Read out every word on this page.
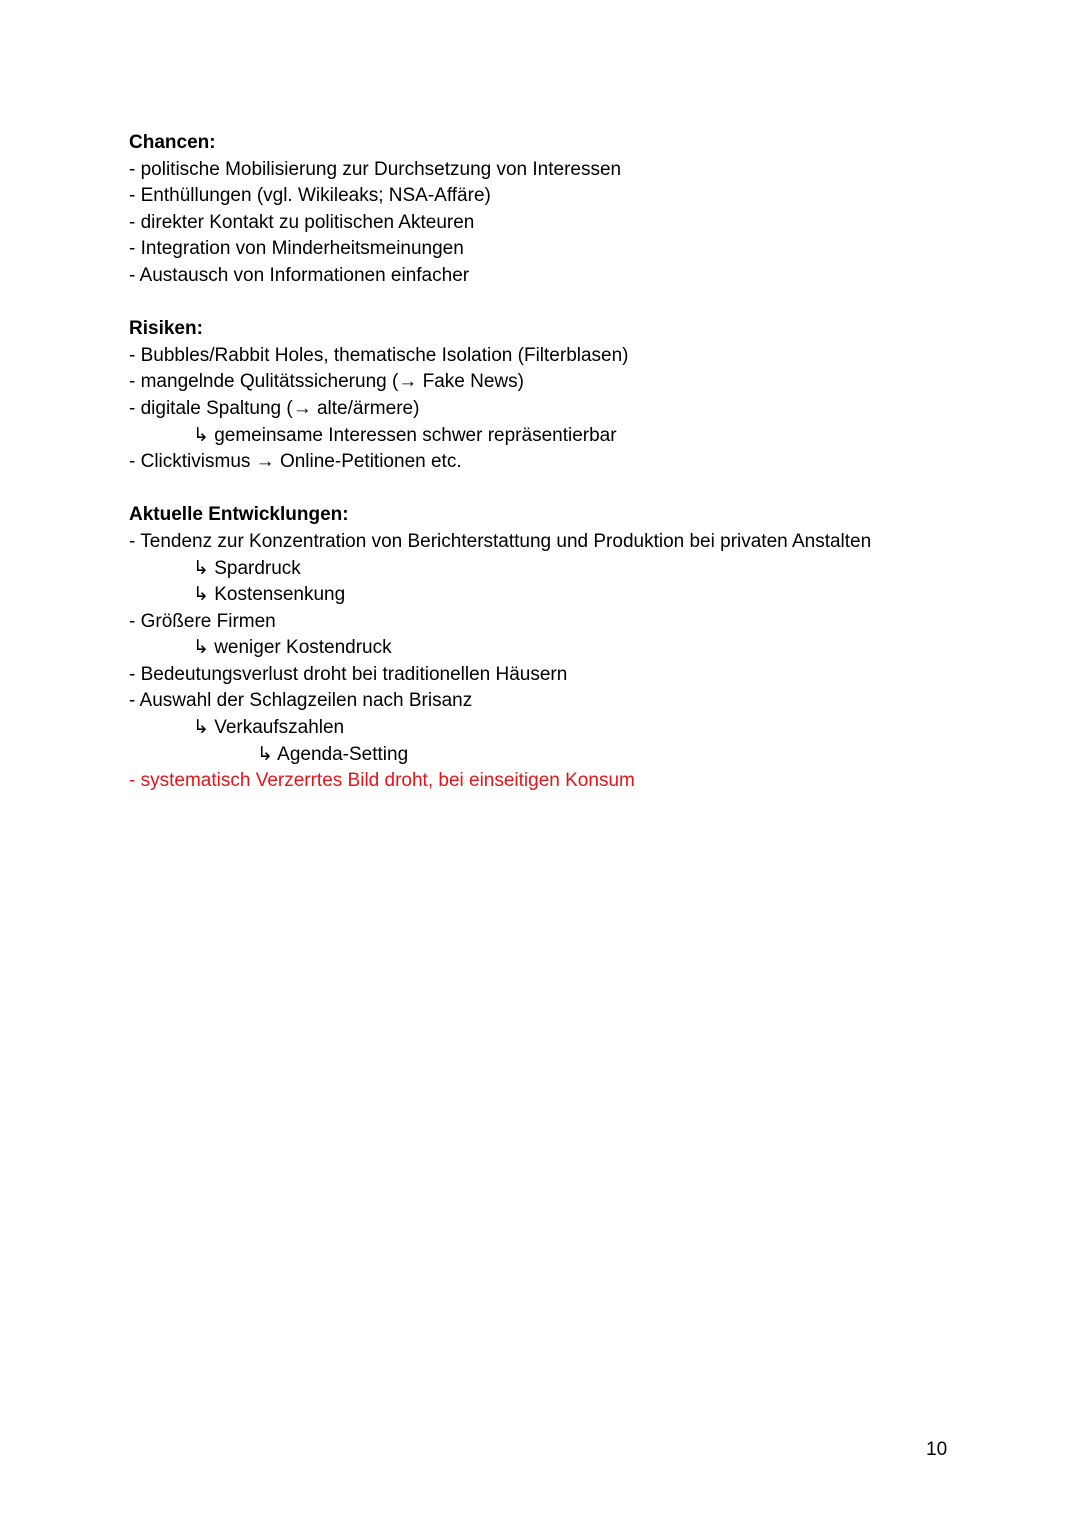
Chancen:

- politische Mobilisierung zur Durchsetzung von Interessen

- Enthüllungen (vgl. Wikileaks; NSA-Affäre)

- direkter Kontakt zu politischen Akteuren

- Integration von Minderheitsmeinungen

- Austausch von Informationen einfacher

Risiken:

- Bubbles/Rabbit Holes, thematische Isolation (Filterblasen)

- mangelnde Qulitätssicherung (→ Fake News)

- digitale Spaltung (→ alte/ärmere)

↳ gemeinsame Interessen schwer repräsentierbar

- Clicktivismus → Online-Petitionen etc.

Aktuelle Entwicklungen:

- Tendenz zur Konzentration von Berichterstattung und Produktion bei privaten Anstalten

↳ Spardruck

↳ Kostensenkung

- Größere Firmen

↳ weniger Kostendruck

- Bedeutungsverlust droht bei traditionellen Häusern

- Auswahl der Schlagzeilen nach Brisanz

↳ Verkaufszahlen

↳ Agenda-Setting

- systematisch Verzerrtes Bild droht, bei einseitigen Konsum

10
